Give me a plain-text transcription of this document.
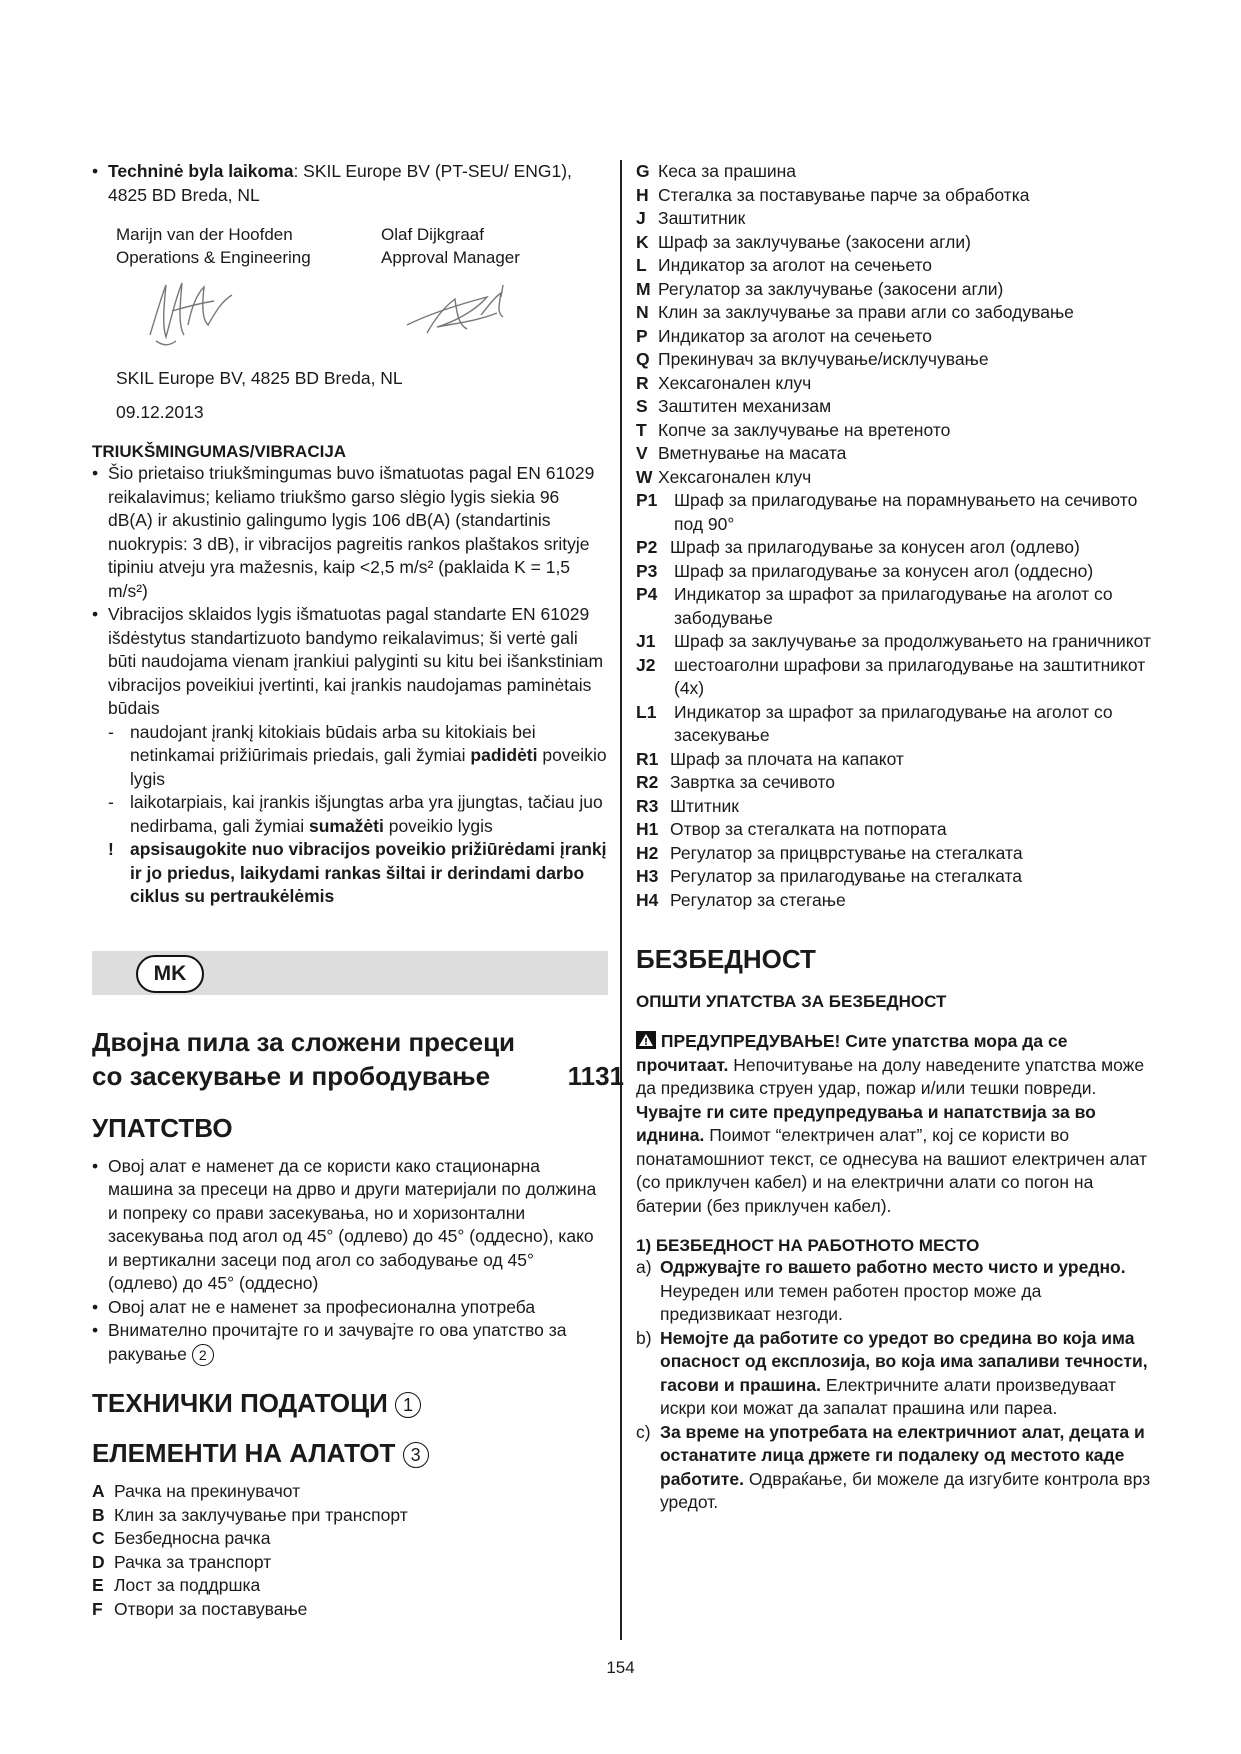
• Techninė byla laikoma: SKIL Europe BV (PT-SEU/ ENG1), 4825 BD Breda, NL
Marijn van der Hoofden
Operations & Engineering
Olaf Dijkgraaf
Approval Manager

SKIL Europe BV, 4825 BD Breda, NL

09.12.2013

TRIUKŠMINGUMAS/VIBRACIJA

• Šio prietaiso triukšmingumas buvo išmatuotas pagal EN 61029 reikalavimus; keliamo triukšmo garso slėgio lygis siekia 96 dB(A) ir akustinio galingumo lygis 106 dB(A) (standartinis nuokrypis: 3 dB), ir vibracijos pagreitis rankos plaštakos srityje tipiniu atveju yra mažesnis, kaip <2,5 m/s² (paklaida K = 1,5 m/s²)
• Vibracijos sklaidos lygis išmatuotas pagal standarte EN 61029 išdėstytus standartizuoto bandymo reikalavimus; ši vertė gali būti naudojama vienam įrankiui palyginti su kitu bei išankstiniam vibracijos poveikiui įvertinti, kai įrankis naudojamas paminėtais būdais
- naudojant įrankį kitokiais būdais arba su kitokiais bei netinkamai prižiūrimais priedais, gali žymiai padidėti poveikio lygis
- laikotarpiais, kai įrankis išjungtas arba yra įjungtas, tačiau juo nedirbama, gali žymiai sumažėti poveikio lygis
! apsisaugokite nuo vibracijos poveikio prižiūrėdami įrankį ir jo priedus, laikydami rankas šiltai ir derindami darbo ciklus su pertraukėlėmis
MK
Двојна пила за сложени пресеци
со засекување и прободување	1131

УПАТСТВО

• Овој алат е наменет да се користи како стационарна машина за пресеци на дрво и други материјали по должина и попреку со прави засекувања, но и хоризонтални засекувања под агол од 45° (одлево) до 45° (оддесно), како и вертикални засеци под агол со забодување од 45° (одлево) до 45° (оддесно)
• Овој алат не е наменет за професионална употреба
• Внимателно прочитајте го и зачувајте го ова упатство за ракување 2

ТЕХНИЧКИ ПОДАТОЦИ 1

ЕЛЕМЕНТИ НА АЛАТОТ 3

A Рачка на прекинувачот
B Клин за заклучување при транспорт
C Безбедносна рачка
D Рачка за транспорт
E Лост за поддршка
F Отвори за поставување
G Кеса за прашина
H Стегалка за поставување парче за обработка
J Заштитник
K Шраф за заклучување (закосени агли)
L Индикатор за аголот на сечењето
M Регулатор за заклучување (закосени агли)
N Клин за заклучување за прави агли со забодување
P Индикатор за аголот на сечењето
Q Прекинувач за вклучување/исклучување
R Хексагонален клуч
S Заштитен механизам
T Копче за заклучување на вретеното
V Вметнување на масата
W Хексагонален клуч
P1 Шраф за прилагодување на порамнувањето на сечивото под 90°
P2 Шраф за прилагодување за конусен агол (одлево)
P3 Шраф за прилагодување за конусен агол (оддесно)
P4 Индикатор за шрафот за прилагодување на аголот со забодување
J1	Шраф за заклучување за продолжувањето на граничникот
J2	шестоаголни шрафови за прилагодување на заштитникот (4x)
L1	Индикатор за шрафот за прилагодување на аголот со засекување
R1 Шраф за плочата на капакот
R2 Завртка за сечивото
R3 Штитник
H1 Отвор за стегалката на потпората
H2 Регулатор за прицврстување на стегалката
H3 Регулатор за прилагодување на стегалката
H4 Регулатор за стегање

БЕЗБЕДНОСТ

ОПШТИ УПАТСТВА ЗА БЕЗБЕДНОСТ

ПРЕДУПРЕДУВАЊЕ! Сите упатства мора да се прочитаат. Непочитување на долу наведените упатства може да предизвика струен удар, пожар и/или тешки повреди. Чувајте ги сите предупредувања и напатствија за во иднина. Поимот “електричен алат”, кој се користи во понатамошниот текст, се однесува на вашиот електричен алат (со приклучен кабел) и на електрични алати со погон на батерии (без приклучен кабел).

1) БЕЗБЕДНОСТ НА РАБОТНОТО МЕСТО

a) Одржувајте го вашето работно место чисто и уредно. Неуреден или темен работен простор може да предизвикаат незгоди.
b) Немојте да работите со уредот во средина во која има опасност од експлозија, во која има запаливи течности, гасови и прашина. Електричните алати произведуваат искри кои можат да запалат прашина или пареа.
c) За време на употребата на електричниот алат, децата и останатите лица држете ги подалеку од местото каде работите. Одвраќање, би можеле да изгубите контрола врз уредот.
154
